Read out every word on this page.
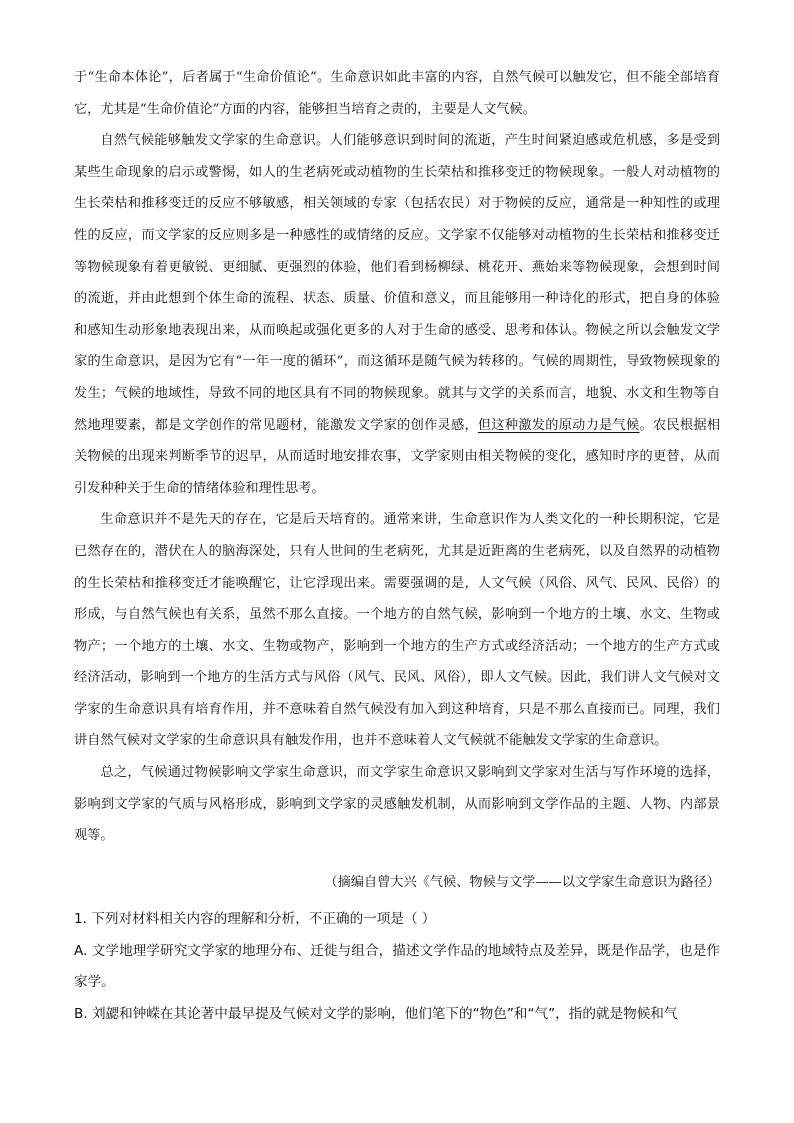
于“生命本体论”，后者属于“生命价值论”。生命意识如此丰富的内容，自然气候可以触发它，但不能全部培育它，尤其是“生命价值论”方面的内容，能够担当培育之责的，主要是人文气候。

自然气候能够触发文学家的生命意识。人们能够意识到时间的流逝，产生时间紧迫感或危机感，多是受到某些生命现象的启示或警惕，如人的生老病死或动植物的生长荣枯和推移变迁的物候现象。一般人对动植物的生长荣枯和推移变迁的反应不够敏感，相关领域的专家（包括农民）对于物候的反应，通常是一种知性的或理性的反应，而文学家的反应则多是一种感性的或情绪的反应。文学家不仅能够对动植物的生长荣枯和推移变迁等物候现象有着更敏锐、更细腻、更强烈的体验，他们看到杨柳绿、桃花开、燕始来等物候现象，会想到时间的流逝，并由此想到个体生命的流程、状态、质量、价值和意义，而且能够用一种诗化的形式，把自身的体验和感知生动形象地表现出来，从而唤起或强化更多的人对于生命的感受、思考和体认。物候之所以会触发文学家的生命意识，是因为它有“一年一度的循环”，而这循环是随气候为转移的。气候的周期性，导致物候现象的发生；气候的地域性，导致不同的地区具有不同的物候现象。就其与文学的关系而言，地貌、水文和生物等自然地理要素，都是文学创作的常见题材，能激发文学家的创作灵感，但这种激发的原动力是气候。农民根据相关物候的出现来判断季节的迟早，从而适时地安排农事，文学家则由相关物候的变化，感知时序的更替，从而引发种种关于生命的情绪体验和理性思考。

生命意识并不是先天的存在，它是后天培育的。通常来讲，生命意识作为人类文化的一种长期积淀，它是已然存在的，潜伏在人的脑海深处，只有人世间的生老病死，尤其是近距离的生老病死，以及自然界的动植物的生长荣枯和推移变迁才能唤醒它，让它浮现出来。需要强调的是，人文气候（风俗、风气、民风、民俗）的形成，与自然气候也有关系，虽然不那么直接。一个地方的自然气候，影响到一个地方的土壤、水文、生物或物产；一个地方的土壤、水文、生物或物产，影响到一个地方的生产方式或经济活动；一个地方的生产方式或经济活动，影响到一个地方的生活方式与风俗（风气、民风、风俗），即人文气候。因此，我们讲人文气候对文学家的生命意识具有培育作用，并不意味着自然气候没有加入到这种培育，只是不那么直接而已。同理，我们讲自然气候对文学家的生命意识具有触发作用，也并不意味着人文气候就不能触发文学家的生命意识。

总之，气候通过物候影响文学家生命意识，而文学家生命意识又影响到文学家对生活与写作环境的选择，影响到文学家的气质与风格形成，影响到文学家的灵感触发机制，从而影响到文学作品的主题、人物、内部景观等。

（摘编自曾大兴《气候、物候与文学——以文学家生命意识为路径）

1. 下列对材料相关内容的理解和分析，不正确的一项是（ ）

A. 文学地理学研究文学家的地理分布、迁徙与组合，描述文学作品的地域特点及差异，既是作品学，也是作家学。

B. 刘勰和钟嵘在其论著中最早提及气候对文学的影响，他们笔下的“物色”和“气”，指的就是物候和气
